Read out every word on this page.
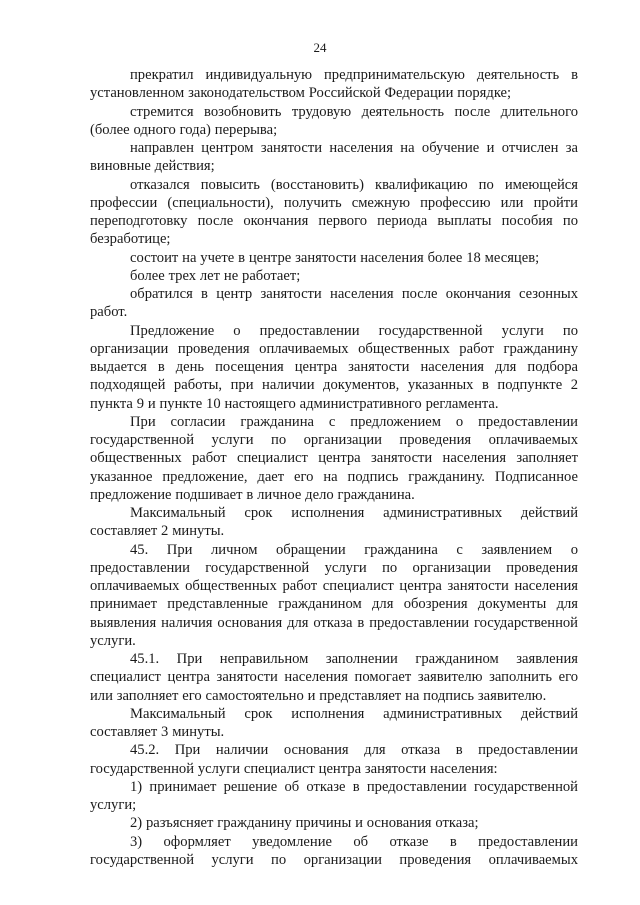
24

прекратил индивидуальную предпринимательскую деятельность в установленном законодательством Российской Федерации порядке;

стремится возобновить трудовую деятельность после длительного (более одного года) перерыва;

направлен центром занятости населения на обучение и отчислен за виновные действия;

отказался повысить (восстановить) квалификацию по имеющейся профессии (специальности), получить смежную профессию или пройти переподготовку после окончания первого периода выплаты пособия по безработице;

состоит на учете в центре занятости населения более 18 месяцев;

более трех лет не работает;

обратился в центр занятости населения после окончания сезонных работ.

Предложение о предоставлении государственной услуги по организации проведения оплачиваемых общественных работ гражданину выдается в день посещения центра занятости населения для подбора подходящей работы, при наличии документов, указанных в подпункте 2 пункта 9 и пункте 10 настоящего административного регламента.

При согласии гражданина с предложением о предоставлении государственной услуги по организации проведения оплачиваемых общественных работ специалист центра занятости населения заполняет указанное предложение, дает его на подпись гражданину. Подписанное предложение подшивает в личное дело гражданина.

Максимальный срок исполнения административных действий составляет 2 минуты.

45. При личном обращении гражданина с заявлением о предоставлении государственной услуги по организации проведения оплачиваемых общественных работ специалист центра занятости населения принимает представленные гражданином для обозрения документы для выявления наличия основания для отказа в предоставлении государственной услуги.

45.1. При неправильном заполнении гражданином заявления специалист центра занятости населения помогает заявителю заполнить его или заполняет его самостоятельно и представляет на подпись заявителю.

Максимальный срок исполнения административных действий составляет 3 минуты.

45.2. При наличии основания для отказа в предоставлении государственной услуги специалист центра занятости населения:

1) принимает решение об отказе в предоставлении государственной услуги;

2) разъясняет гражданину причины и основания отказа;

3) оформляет уведомление об отказе в предоставлении государственной услуги по организации проведения оплачиваемых
